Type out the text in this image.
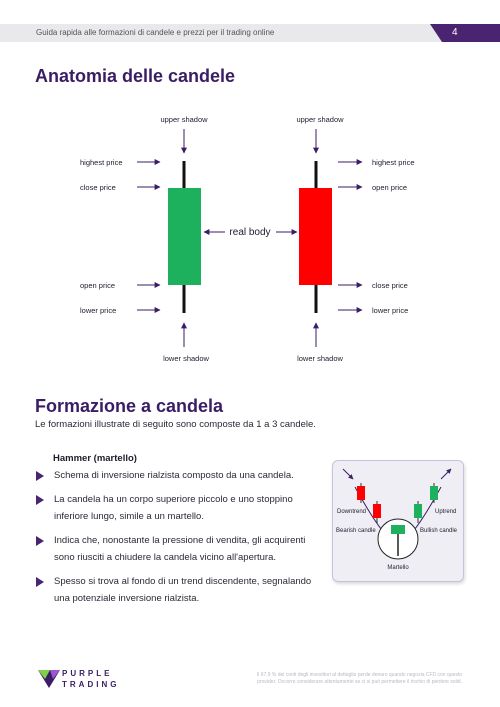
Guida rapida alle formazioni di candele e prezzi per il trading online	4
Anatomia delle candele
upper shadow	upper shadow
highest price
close price
open price
lower price
highest price
open price
close price
lower price
real body
lower shadow	lower shadow
Formazione a candela
Le formazioni illustrate di seguito sono composte da 1 a 3 candele.
Hammer (martello)
Schema di inversione rialzista composto da una candela.
La candela ha un corpo superiore piccolo e uno stoppino inferiore lungo, simile a un martello.
Indica che, nonostante la pressione di vendita, gli acquirenti sono riusciti a chiudere la candela vicino all'apertura.
Spesso si trova al fondo di un trend discendente, segnalando una potenziale inversione rialzista.
Downtrend	Uptrend
Bearish candle	Bullish candle
Martello
PURPLE
TRADING
Il 67,9 % dei conti degli investitori al dettaglio perde denaro quando negozia CFD con questo
provider. Occorre considerare attentamente se ci si può permettere il rischio di perdere soldi.
